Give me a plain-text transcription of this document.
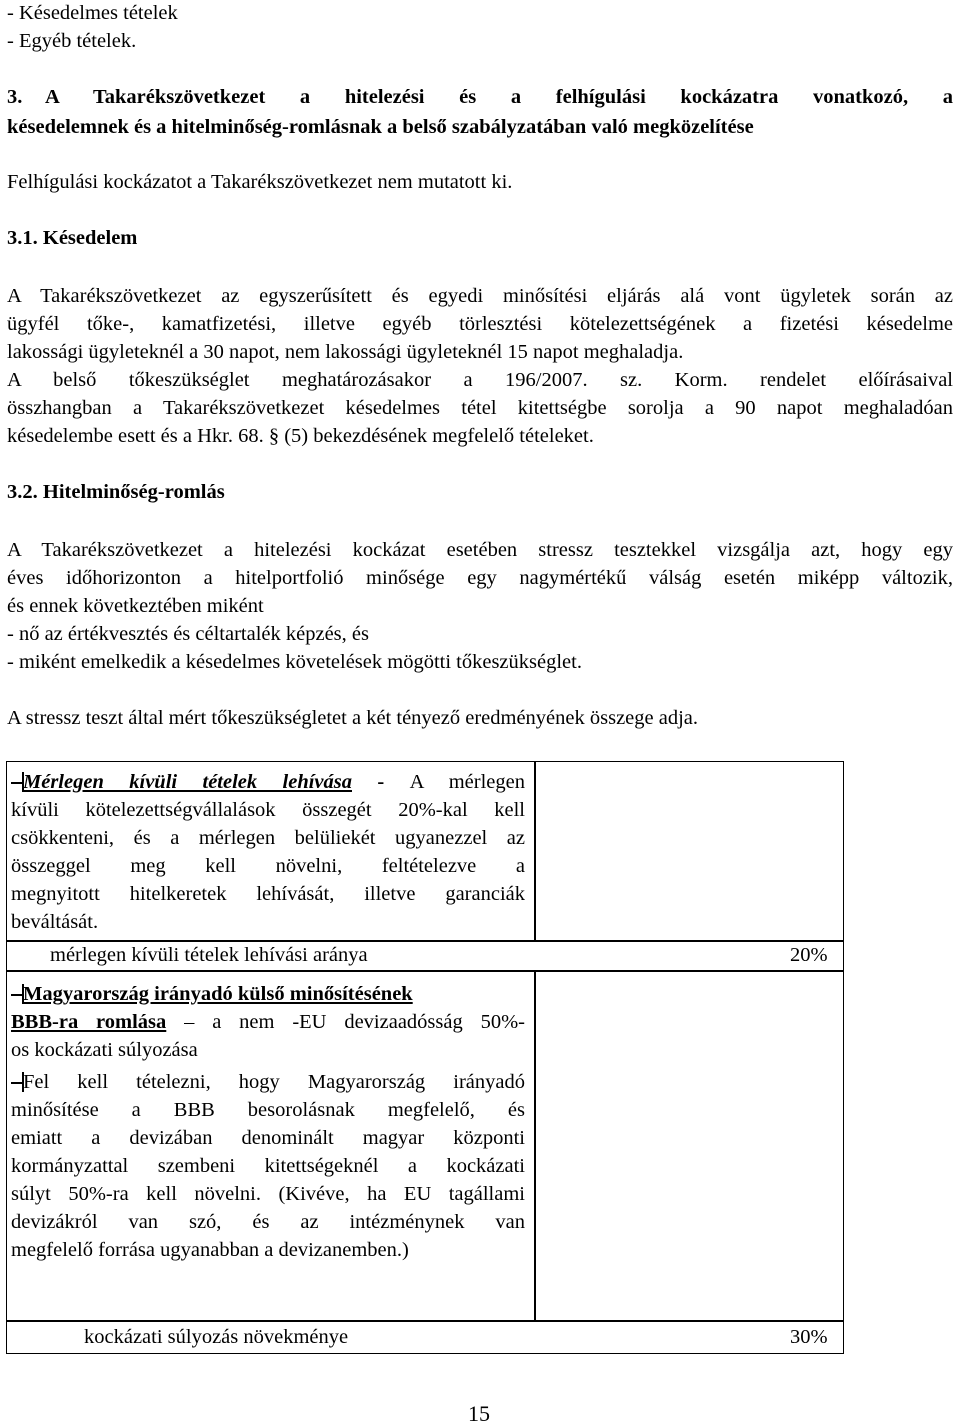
- Késedelmes tételek
- Egyéb tételek.
3. A Takarékszövetkezet a hitelezési és a felhígulási kockázatra vonatkozó, a
késedelemnek és a hitelminőség-romlásnak a belső szabályzatában való megközelítése
Felhígulási kockázatot a Takarékszövetkezet nem mutatott ki.
3.1. Késedelem
A Takarékszövetkezet az egyszerűsített és egyedi minősítési eljárás alá vont ügyletek során az
ügyfél tőke-, kamatfizetési, illetve egyéb törlesztési kötelezettségének a fizetési késedelme
lakossági ügyleteknél a 30 napot, nem lakossági ügyleteknél 15 napot meghaladja.
A belső tőkeszükséglet meghatározásakor a 196/2007. sz. Korm. rendelet előírásaival
összhangban a Takarékszövetkezet késedelmes tétel kitettségbe sorolja a 90 napot meghaladóan
késedelembe esett és a Hkr. 68. § (5) bekezdésének megfelelő tételeket.
3.2. Hitelminőség-romlás
A Takarékszövetkezet a hitelezési kockázat esetében stressz tesztekkel vizsgálja azt, hogy egy
éves időhorizonton a hitelportfolió minősége egy nagymértékű válság esetén miképp változik,
és ennek következtében miként
- nő az értékvesztés és céltartalék képzés, és
- miként emelkedik a késedelmes követelések mögötti tőkeszükséglet.
A stressz teszt által mért tőkeszükségletet a két tényező eredményének összege adja.
Mérlegen kívüli tételek lehívása - A mérlegen
kívüli kötelezettségvállalások összegét 20%-kal kell
csökkenteni, és a mérlegen belüliekét ugyanezzel az
összeggel meg kell növelni, feltételezve a
megnyitott hitelkeretek lehívását, illetve garanciák
beváltását.
mérlegen kívüli tételek lehívási aránya	20%
Magyarország irányadó külső minősítésének
BBB-ra romlása – a nem -EU devizaadósság 50%-
os kockázati súlyozása
Fel kell tételezni, hogy Magyarország irányadó
minősítése a BBB besorolásnak megfelelő, és
emiatt a devizában denominált magyar központi
kormányzattal szembeni kitettségeknél a kockázati
súlyt 50%-ra kell növelni. (Kivéve, ha EU tagállami
devizákról van szó, és az intézménynek van
megfelelő forrása ugyanabban a devizanemben.)
kockázati súlyozás növekménye	30%
15
